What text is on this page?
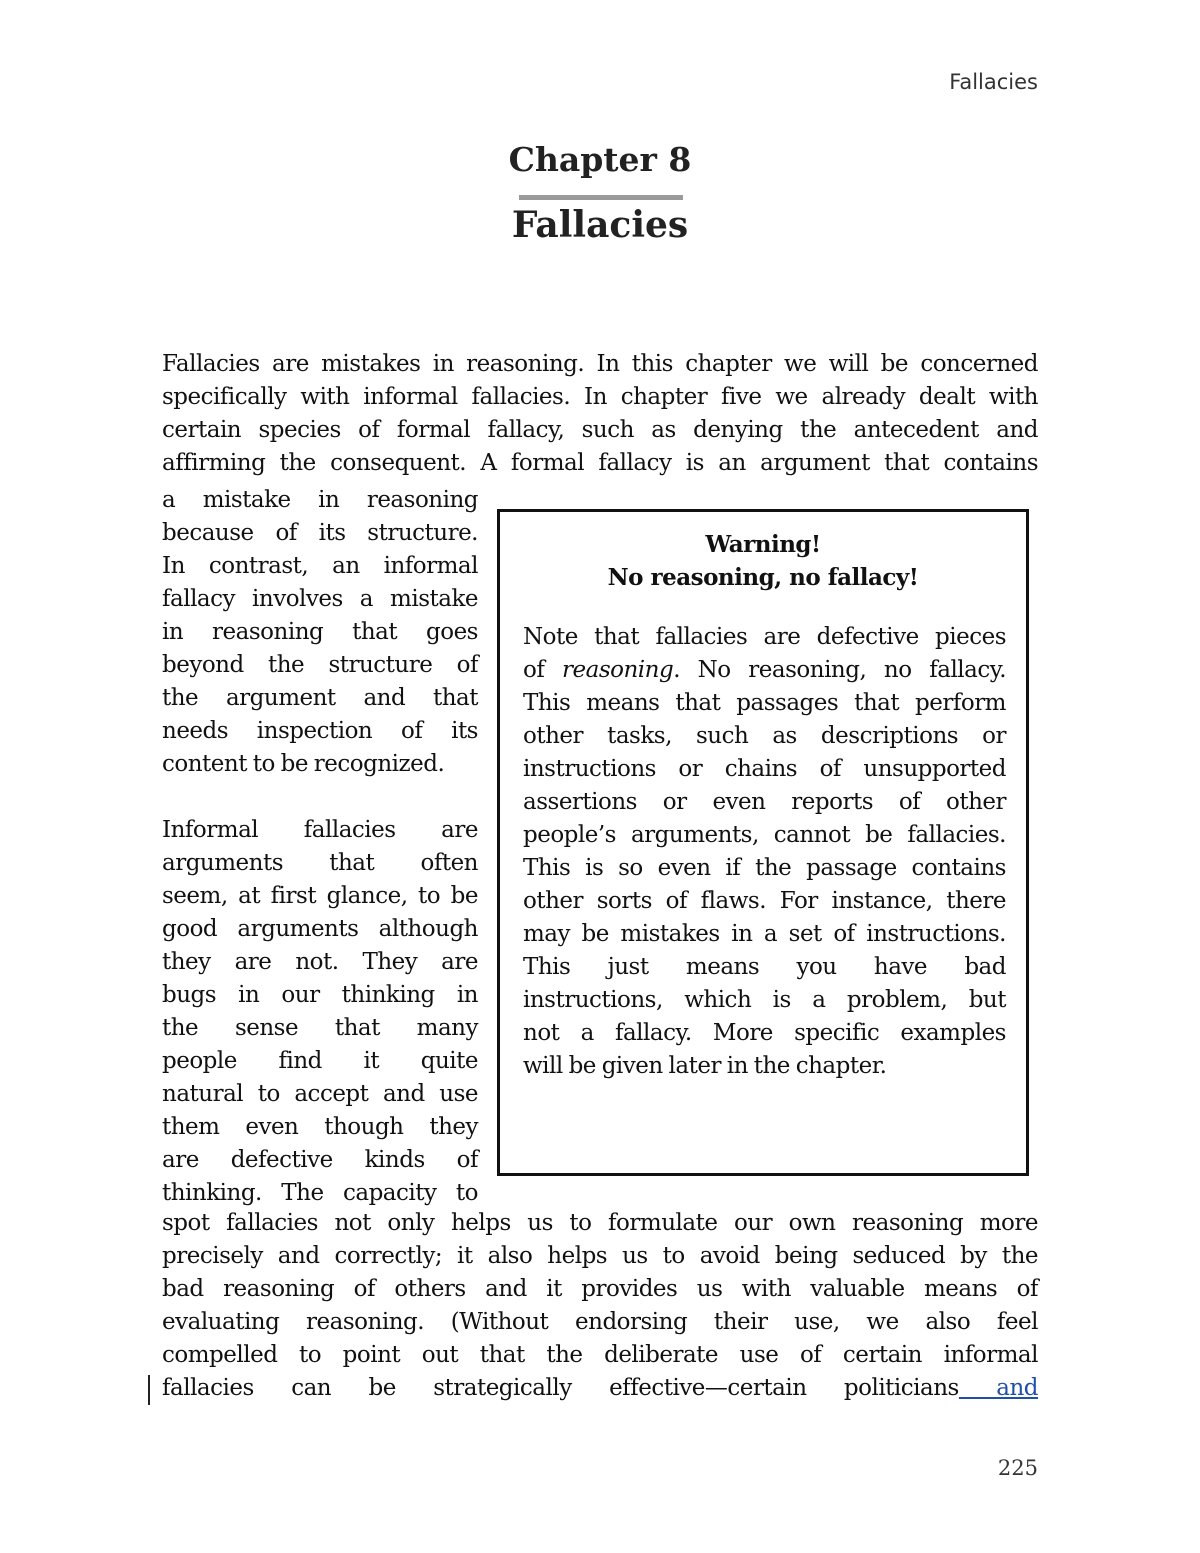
Fallacies
Chapter 8
Fallacies
Fallacies are mistakes in reasoning. In this chapter we will be concerned
specifically with informal fallacies. In chapter five we already dealt with
certain species of formal fallacy, such as denying the antecedent and
affirming the consequent. A formal fallacy is an argument that contains
a mistake in reasoning
because of its structure.
In contrast, an informal
fallacy involves a mistake
in reasoning that goes
beyond the structure of
the argument and that
needs inspection of its
content to be recognized.
Informal fallacies are
arguments that often
seem, at first glance, to be
good arguments although
they are not. They are
bugs in our thinking in
the sense that many
people find it quite
natural to accept and use
them even though they
are defective kinds of
thinking. The capacity to
Warning!
No reasoning, no fallacy!
Note that fallacies are defective pieces
of reasoning. No reasoning, no fallacy.
This means that passages that perform
other tasks, such as descriptions or
instructions or chains of unsupported
assertions or even reports of other
people’s arguments, cannot be fallacies.
This is so even if the passage contains
other sorts of flaws. For instance, there
may be mistakes in a set of instructions.
This just means you have bad
instructions, which is a problem, but
not a fallacy. More specific examples
will be given later in the chapter.
spot fallacies not only helps us to formulate our own reasoning more
precisely and correctly; it also helps us to avoid being seduced by the
bad reasoning of others and it provides us with valuable means of
evaluating reasoning. (Without endorsing their use, we also feel
compelled to point out that the deliberate use of certain informal
fallacies can be strategically effective—certain politicians and
225
